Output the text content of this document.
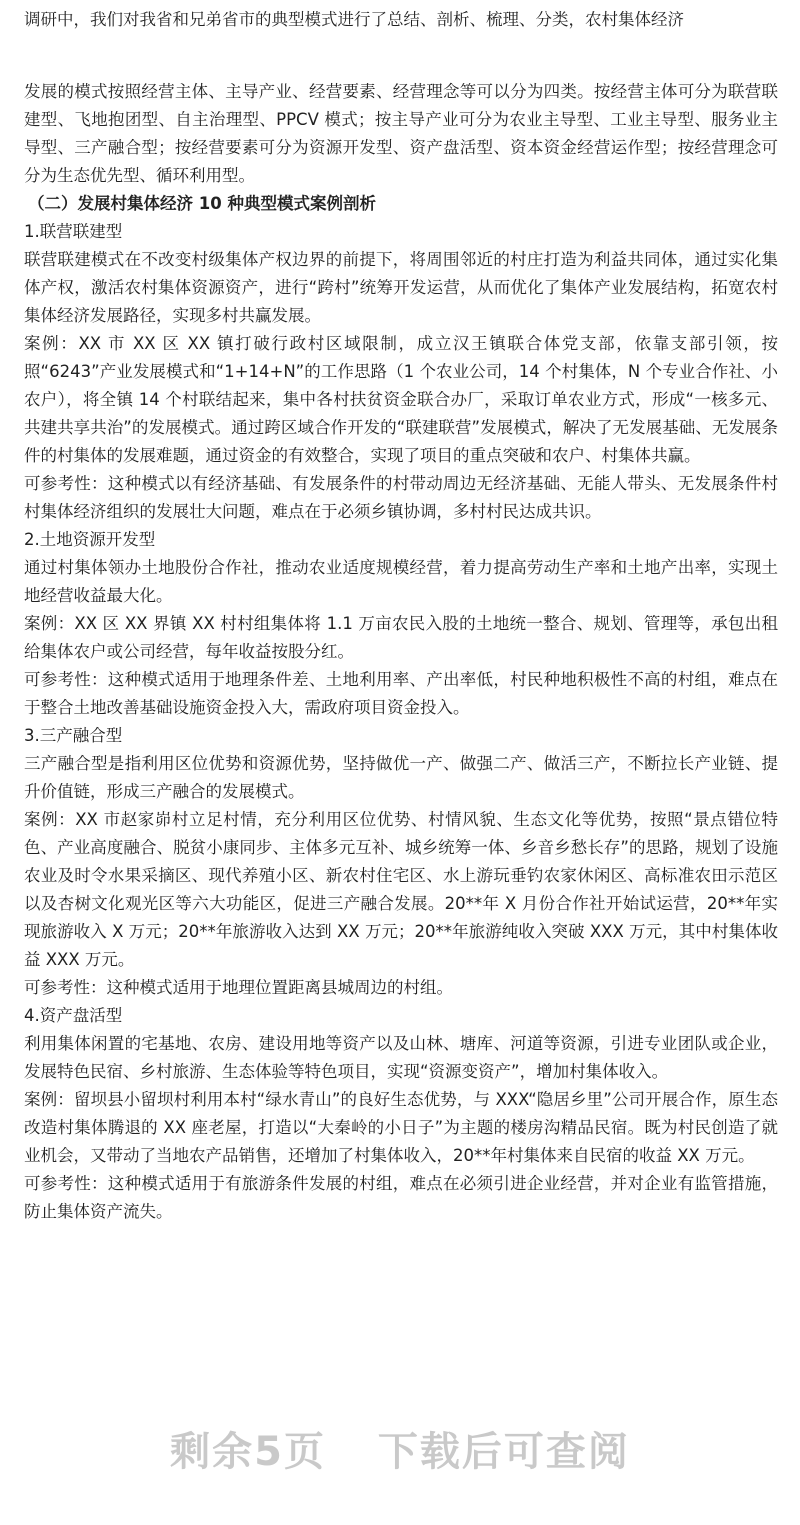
调研中，我们对我省和兄弟省市的典型模式进行了总结、剖析、梳理、分类，农村集体经济

发展的模式按照经营主体、主导产业、经营要素、经营理念等可以分为四类。按经营主体可分为联营联建型、飞地抱团型、自主治理型、PPCV 模式；按主导产业可分为农业主导型、工业主导型、服务业主导型、三产融合型；按经营要素可分为资源开发型、资产盘活型、资本资金经营运作型；按经营理念可分为生态优先型、循环利用型。

（二）发展村集体经济 10 种典型模式案例剖析

1.联营联建型

联营联建模式在不改变村级集体产权边界的前提下，将周围邻近的村庄打造为利益共同体，通过实化集体产权，激活农村集体资源资产，进行“跨村”统筹开发运营，从而优化了集体产业发展结构，拓宽农村集体经济发展路径，实现多村共赢发展。

案例：XX 市 XX 区 XX 镇打破行政村区域限制，成立汉王镇联合体党支部，依靠支部引领，按照“6243”产业发展模式和“1+14+N”的工作思路（1 个农业公司，14 个村集体，N 个专业合作社、小农户），将全镇 14 个村联结起来，集中各村扶贫资金联合办厂，采取订单农业方式，形成“一核多元、共建共享共治”的发展模式。通过跨区域合作开发的“联建联营”发展模式，解决了无发展基础、无发展条件的村集体的发展难题，通过资金的有效整合，实现了项目的重点突破和农户、村集体共赢。

可参考性：这种模式以有经济基础、有发展条件的村带动周边无经济基础、无能人带头、无发展条件村村集体经济组织的发展壮大问题，难点在于必须乡镇协调，多村村民达成共识。

2.土地资源开发型

通过村集体领办土地股份合作社，推动农业适度规模经营，着力提高劳动生产率和土地产出率，实现土地经营收益最大化。

案例：XX 区 XX 界镇 XX 村村组集体将 1.1 万亩农民入股的土地统一整合、规划、管理等，承包出租给集体农户或公司经营，每年收益按股分红。

可参考性：这种模式适用于地理条件差、土地利用率、产出率低，村民种地积极性不高的村组，难点在于整合土地改善基础设施资金投入大，需政府项目资金投入。

3.三产融合型

三产融合型是指利用区位优势和资源优势，坚持做优一产、做强二产、做活三产，不断拉长产业链、提升价值链，形成三产融合的发展模式。

案例：XX 市赵家峁村立足村情，充分利用区位优势、村情风貌、生态文化等优势，按照“景点错位特色、产业高度融合、脱贫小康同步、主体多元互补、城乡统筹一体、乡音乡愁长存”的思路，规划了设施农业及时令水果采摘区、现代养殖小区、新农村住宅区、水上游玩垂钓农家休闲区、高标准农田示范区以及杏树文化观光区等六大功能区，促进三产融合发展。20**年 X 月份合作社开始试运营，20**年实现旅游收入 X 万元；20**年旅游收入达到 XX 万元；20**年旅游纯收入突破 XXX 万元，其中村集体收益 XXX 万元。

可参考性：这种模式适用于地理位置距离县城周边的村组。

4.资产盘活型

利用集体闲置的宅基地、农房、建设用地等资产以及山林、塘库、河道等资源，引进专业团队或企业，发展特色民宿、乡村旅游、生态体验等特色项目，实现“资源变资产”，增加村集体收入。

案例：留坝县小留坝村利用本村“绿水青山”的良好生态优势，与 XXX“隐居乡里”公司开展合作，原生态改造村集体腾退的 XX 座老屋，打造以“大秦岭的小日子”为主题的楼房沟精品民宿。既为村民创造了就业机会，又带动了当地农产品销售，还增加了村集体收入，20**年村集体来自民宿的收益 XX 万元。

可参考性：这种模式适用于有旅游条件发展的村组，难点在必须引进企业经营，并对企业有监管措施，防止集体资产流失。

剩余5页 下载后可查阅
